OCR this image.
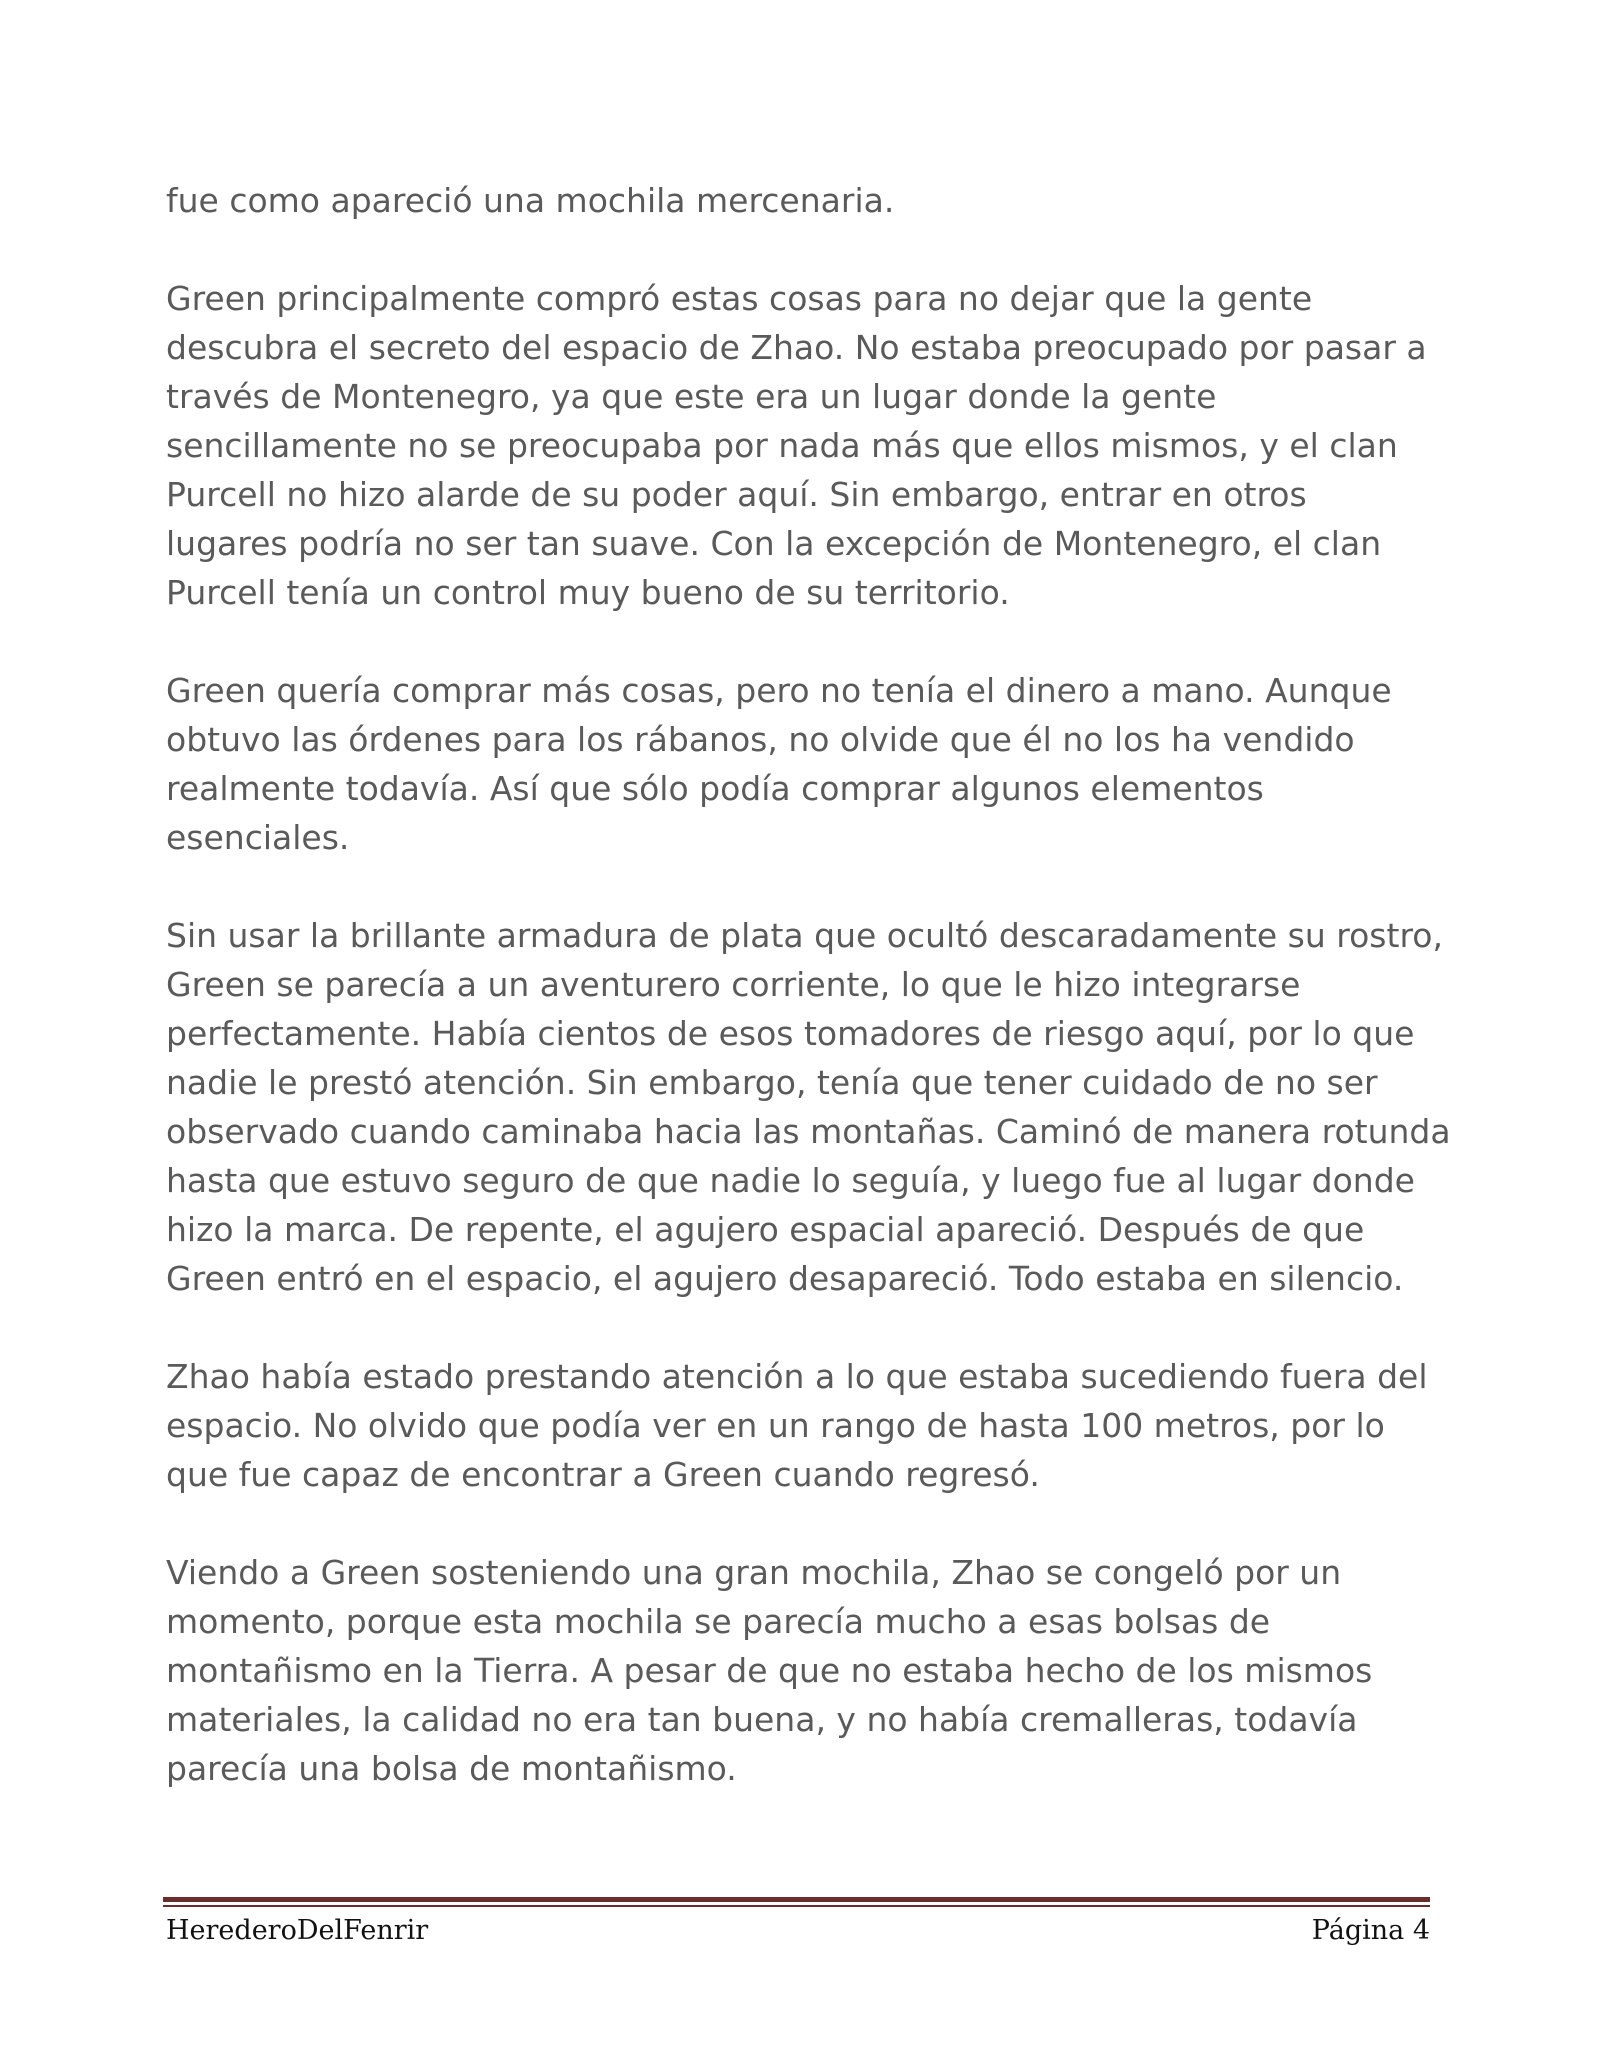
fue como apareció una mochila mercenaria.
Green principalmente compró estas cosas para no dejar que la gente
descubra el secreto del espacio de Zhao. No estaba preocupado por pasar a
través de Montenegro, ya que este era un lugar donde la gente
sencillamente no se preocupaba por nada más que ellos mismos, y el clan
Purcell no hizo alarde de su poder aquí. Sin embargo, entrar en otros
lugares podría no ser tan suave. Con la excepción de Montenegro, el clan
Purcell tenía un control muy bueno de su territorio.
Green quería comprar más cosas, pero no tenía el dinero a mano. Aunque
obtuvo las órdenes para los rábanos, no olvide que él no los ha vendido
realmente todavía. Así que sólo podía comprar algunos elementos
esenciales.
Sin usar la brillante armadura de plata que ocultó descaradamente su rostro,
Green se parecía a un aventurero corriente, lo que le hizo integrarse
perfectamente. Había cientos de esos tomadores de riesgo aquí, por lo que
nadie le prestó atención. Sin embargo, tenía que tener cuidado de no ser
observado cuando caminaba hacia las montañas. Caminó de manera rotunda
hasta que estuvo seguro de que nadie lo seguía, y luego fue al lugar donde
hizo la marca. De repente, el agujero espacial apareció. Después de que
Green entró en el espacio, el agujero desapareció. Todo estaba en silencio.
Zhao había estado prestando atención a lo que estaba sucediendo fuera del
espacio. No olvido que podía ver en un rango de hasta 100 metros, por lo
que fue capaz de encontrar a Green cuando regresó.
Viendo a Green sosteniendo una gran mochila, Zhao se congeló por un
momento, porque esta mochila se parecía mucho a esas bolsas de
montañismo en la Tierra. A pesar de que no estaba hecho de los mismos
materiales, la calidad no era tan buena, y no había cremalleras, todavía
parecía una bolsa de montañismo.
HerederoDelFenrir	Página 4
